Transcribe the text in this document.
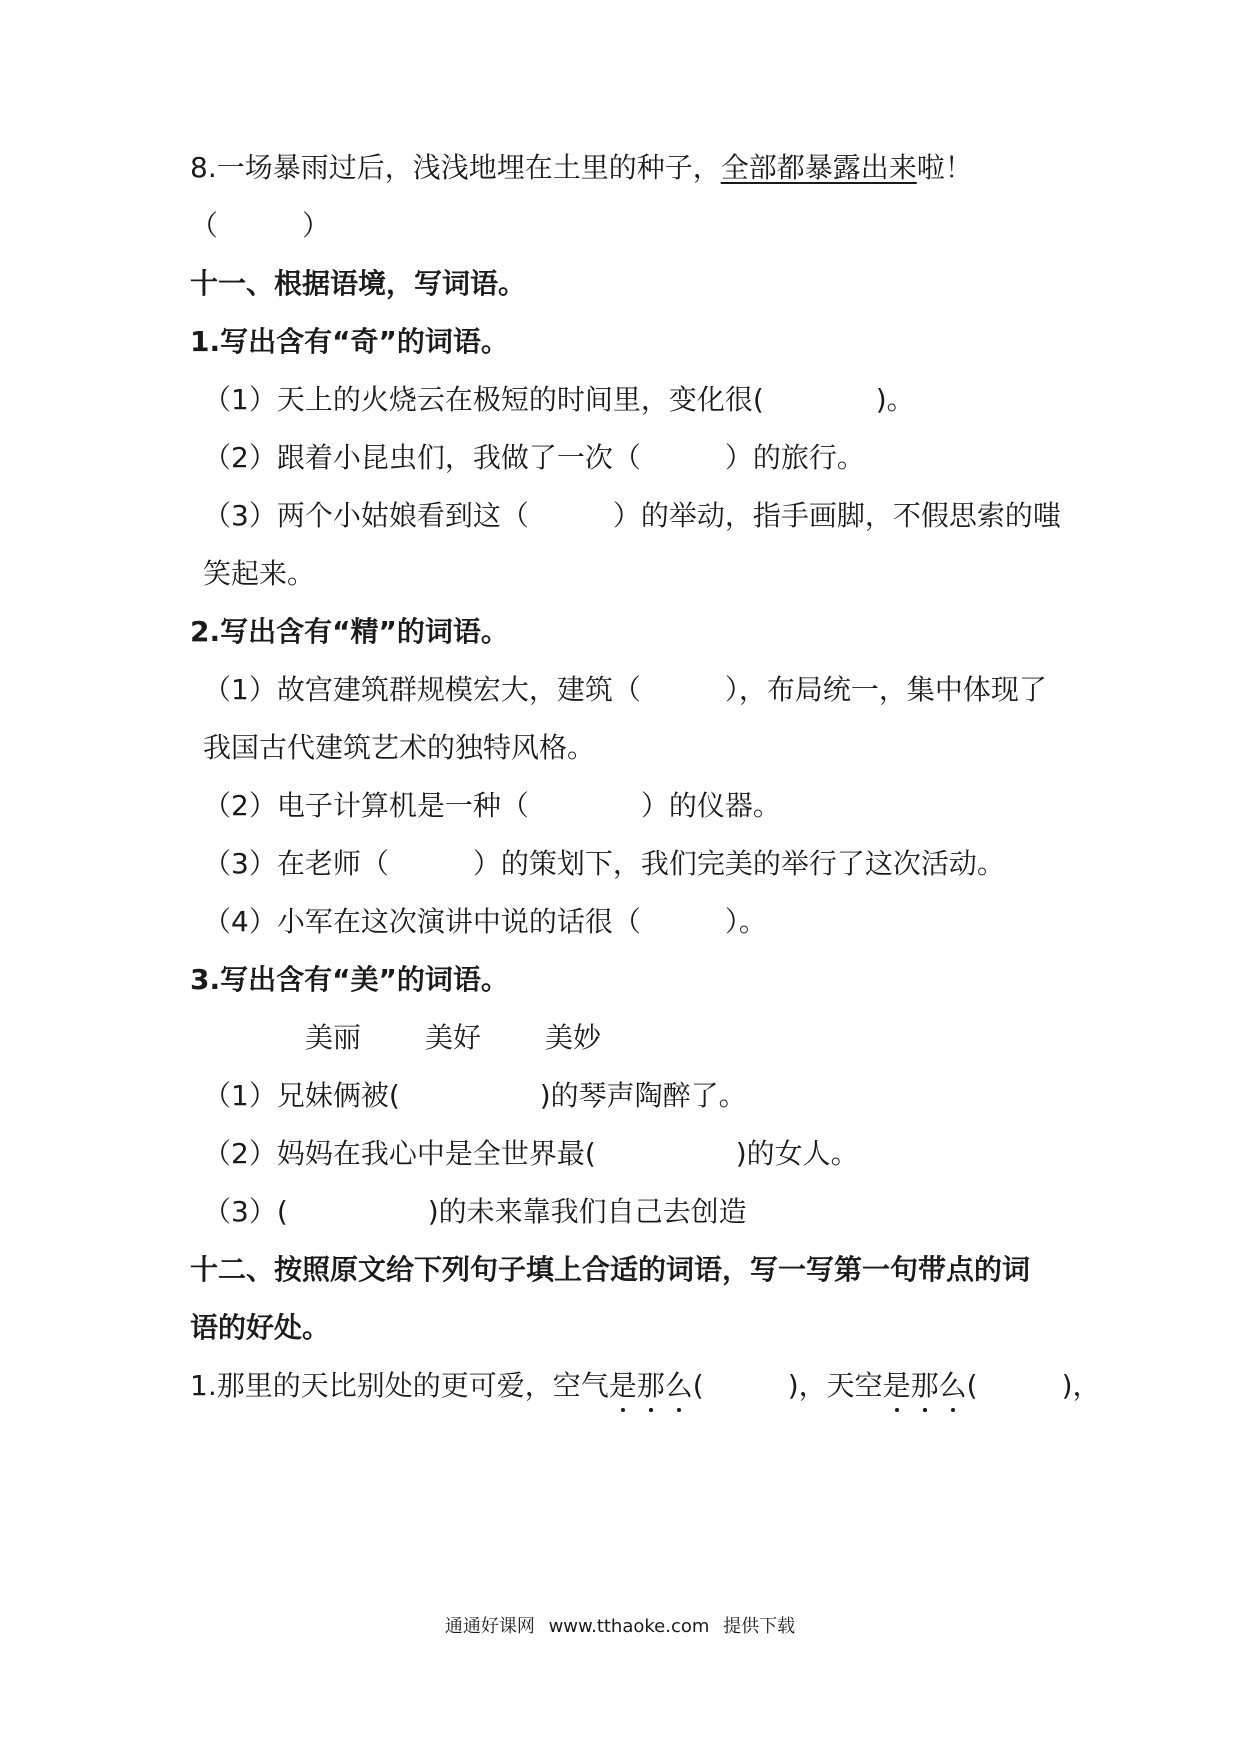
8.一场暴雨过后，浅浅地埋在土里的种子，全部都暴露出来啦！
（　　　）
十一、根据语境，写词语。
1.写出含有“奇”的词语。
（1）天上的火烧云在极短的时间里，变化很(　　　　)。
（2）跟着小昆虫们，我做了一次（　　　）的旅行。
（3）两个小姑娘看到这（　　　）的举动，指手画脚，不假思索的嗤
笑起来。
2.写出含有“精”的词语。
（1）故宫建筑群规模宏大，建筑（　　　），布局统一，集中体现了
我国古代建筑艺术的独特风格。
（2）电子计算机是一种（　　　　）的仪器。
（3）在老师（　　　）的策划下，我们完美的举行了这次活动。
（4）小军在这次演讲中说的话很（　　　）。
3.写出含有“美”的词语。
美丽 美好 美妙
（1）兄妹俩被(　　　　　)的琴声陶醉了。
（2）妈妈在我心中是全世界最(　　　　　)的女人。
（3）(　　　　　)的未来靠我们自己去创造
十二、按照原文给下列句子填上合适的词语，写一写第一句带点的词
语的好处。
1.那里的天比别处的更可爱，空气是那么(　　　)，天空是那么(　　　)，
通通好课网 www.tthaoke.com 提供下载
